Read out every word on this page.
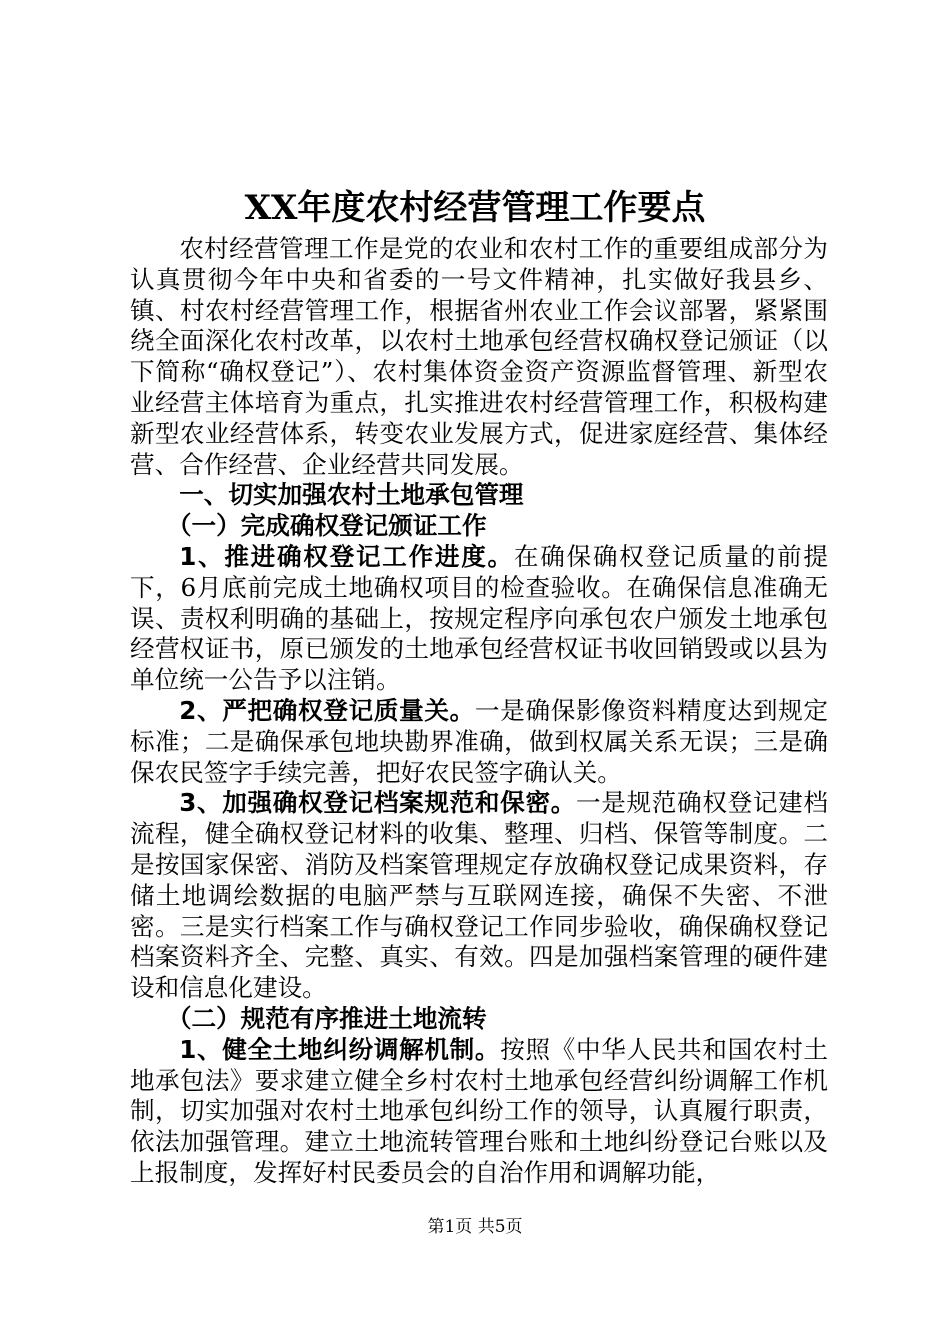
XX年度农村经营管理工作要点

农村经营管理工作是党的农业和农村工作的重要组成部分为认真贯彻今年中央和省委的一号文件精神，扎实做好我县乡、镇、村农村经营管理工作，根据省州农业工作会议部署，紧紧围绕全面深化农村改革，以农村土地承包经营权确权登记颁证（以下简称“确权登记”）、农村集体资金资产资源监督管理、新型农业经营主体培育为重点，扎实推进农村经营管理工作，积极构建新型农业经营体系，转变农业发展方式，促进家庭经营、集体经营、合作经营、企业经营共同发展。

一、切实加强农村土地承包管理

（一）完成确权登记颁证工作

1、推进确权登记工作进度。在确保确权登记质量的前提下，6月底前完成土地确权项目的检查验收。在确保信息准确无误、责权利明确的基础上，按规定程序向承包农户颁发土地承包经营权证书，原已颁发的土地承包经营权证书收回销毁或以县为单位统一公告予以注销。

2、严把确权登记质量关。一是确保影像资料精度达到规定标准；二是确保承包地块勘界准确，做到权属关系无误；三是确保农民签字手续完善，把好农民签字确认关。

3、加强确权登记档案规范和保密。一是规范确权登记建档流程，健全确权登记材料的收集、整理、归档、保管等制度。二是按国家保密、消防及档案管理规定存放确权登记成果资料，存储土地调绘数据的电脑严禁与互联网连接，确保不失密、不泄密。三是实行档案工作与确权登记工作同步验收，确保确权登记档案资料齐全、完整、真实、有效。四是加强档案管理的硬件建设和信息化建设。

（二）规范有序推进土地流转

1、健全土地纠纷调解机制。按照《中华人民共和国农村土地承包法》要求建立健全乡村农村土地承包经营纠纷调解工作机制，切实加强对农村土地承包纠纷工作的领导，认真履行职责，依法加强管理。建立土地流转管理台账和土地纠纷登记台账以及上报制度，发挥好村民委员会的自治作用和调解功能，

第1页 共5页
